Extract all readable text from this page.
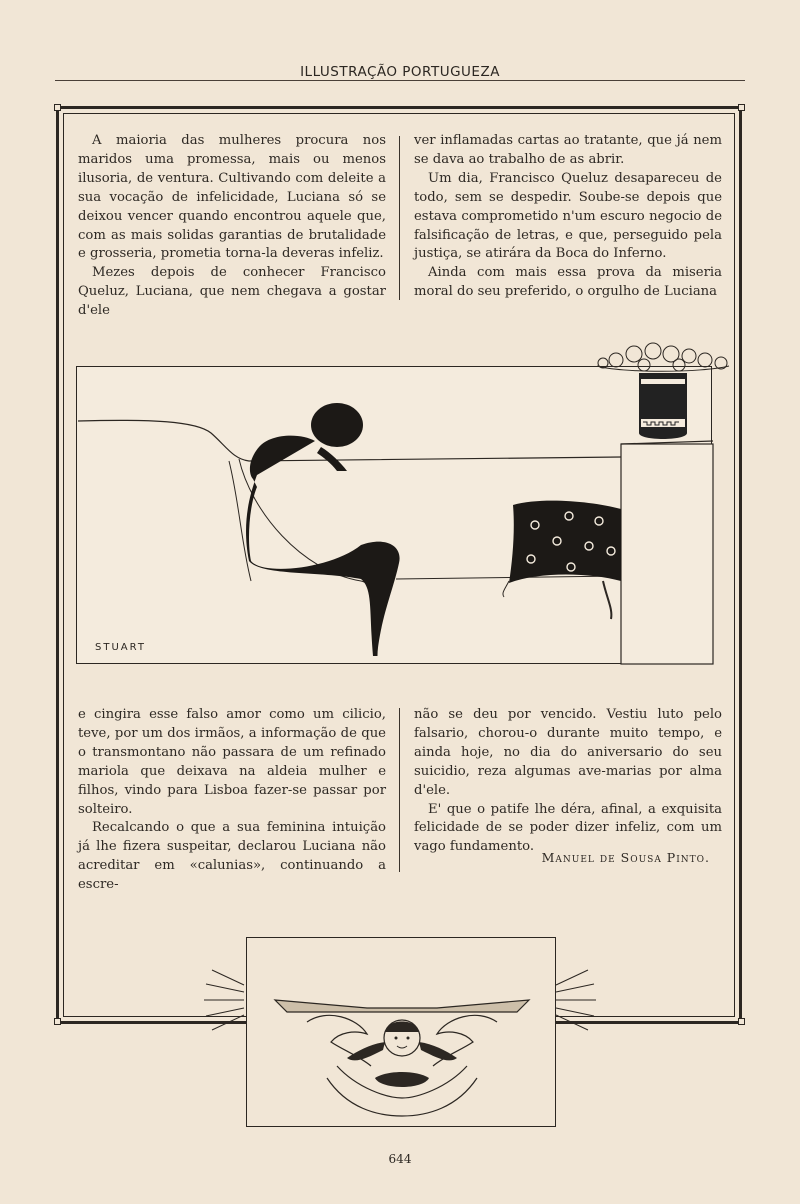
ILLUSTRAÇÃO PORTUGUEZA

A maioria das mulheres procura nos maridos uma promessa, mais ou menos ilusoria, de ventura. Cultivando com deleite a sua vocação de infelicidade, Luciana só se deixou vencer quando encontrou aquele que, com as mais solidas garantias de brutalidade e grosseria, prometia torna-la deveras infeliz.

Mezes depois de conhecer Francisco Queluz, Luciana, que nem chegava a gostar d'ele

ver inflamadas cartas ao tratante, que já nem se dava ao trabalho de as abrir.

Um dia, Francisco Queluz desapareceu de todo, sem se despedir. Soube-se depois que estava comprometido n'um escuro negocio de falsificação de letras, e que, perseguido pela justiça, se atirára da Boca do Inferno.

Ainda com mais essa prova da miseria moral do seu preferido, o orgulho de Luciana

STUART

e cingira esse falso amor como um cilicio, teve, por um dos irmãos, a informação de que o transmontano não passara de um refinado mariola que deixava na aldeia mulher e filhos, vindo para Lisboa fazer-se passar por solteiro.

Recalcando o que a sua feminina intuição já lhe fizera suspeitar, declarou Luciana não acreditar em «calunias», continuando a escre-

não se deu por vencido. Vestiu luto pelo falsario, chorou-o durante muito tempo, e ainda hoje, no dia do aniversario do seu suicidio, reza algumas ave-marias por alma d'ele.

E' que o patife lhe déra, afinal, a exquisita felicidade de se poder dizer infeliz, com um vago fundamento.

Manuel de Sousa Pinto.
644
